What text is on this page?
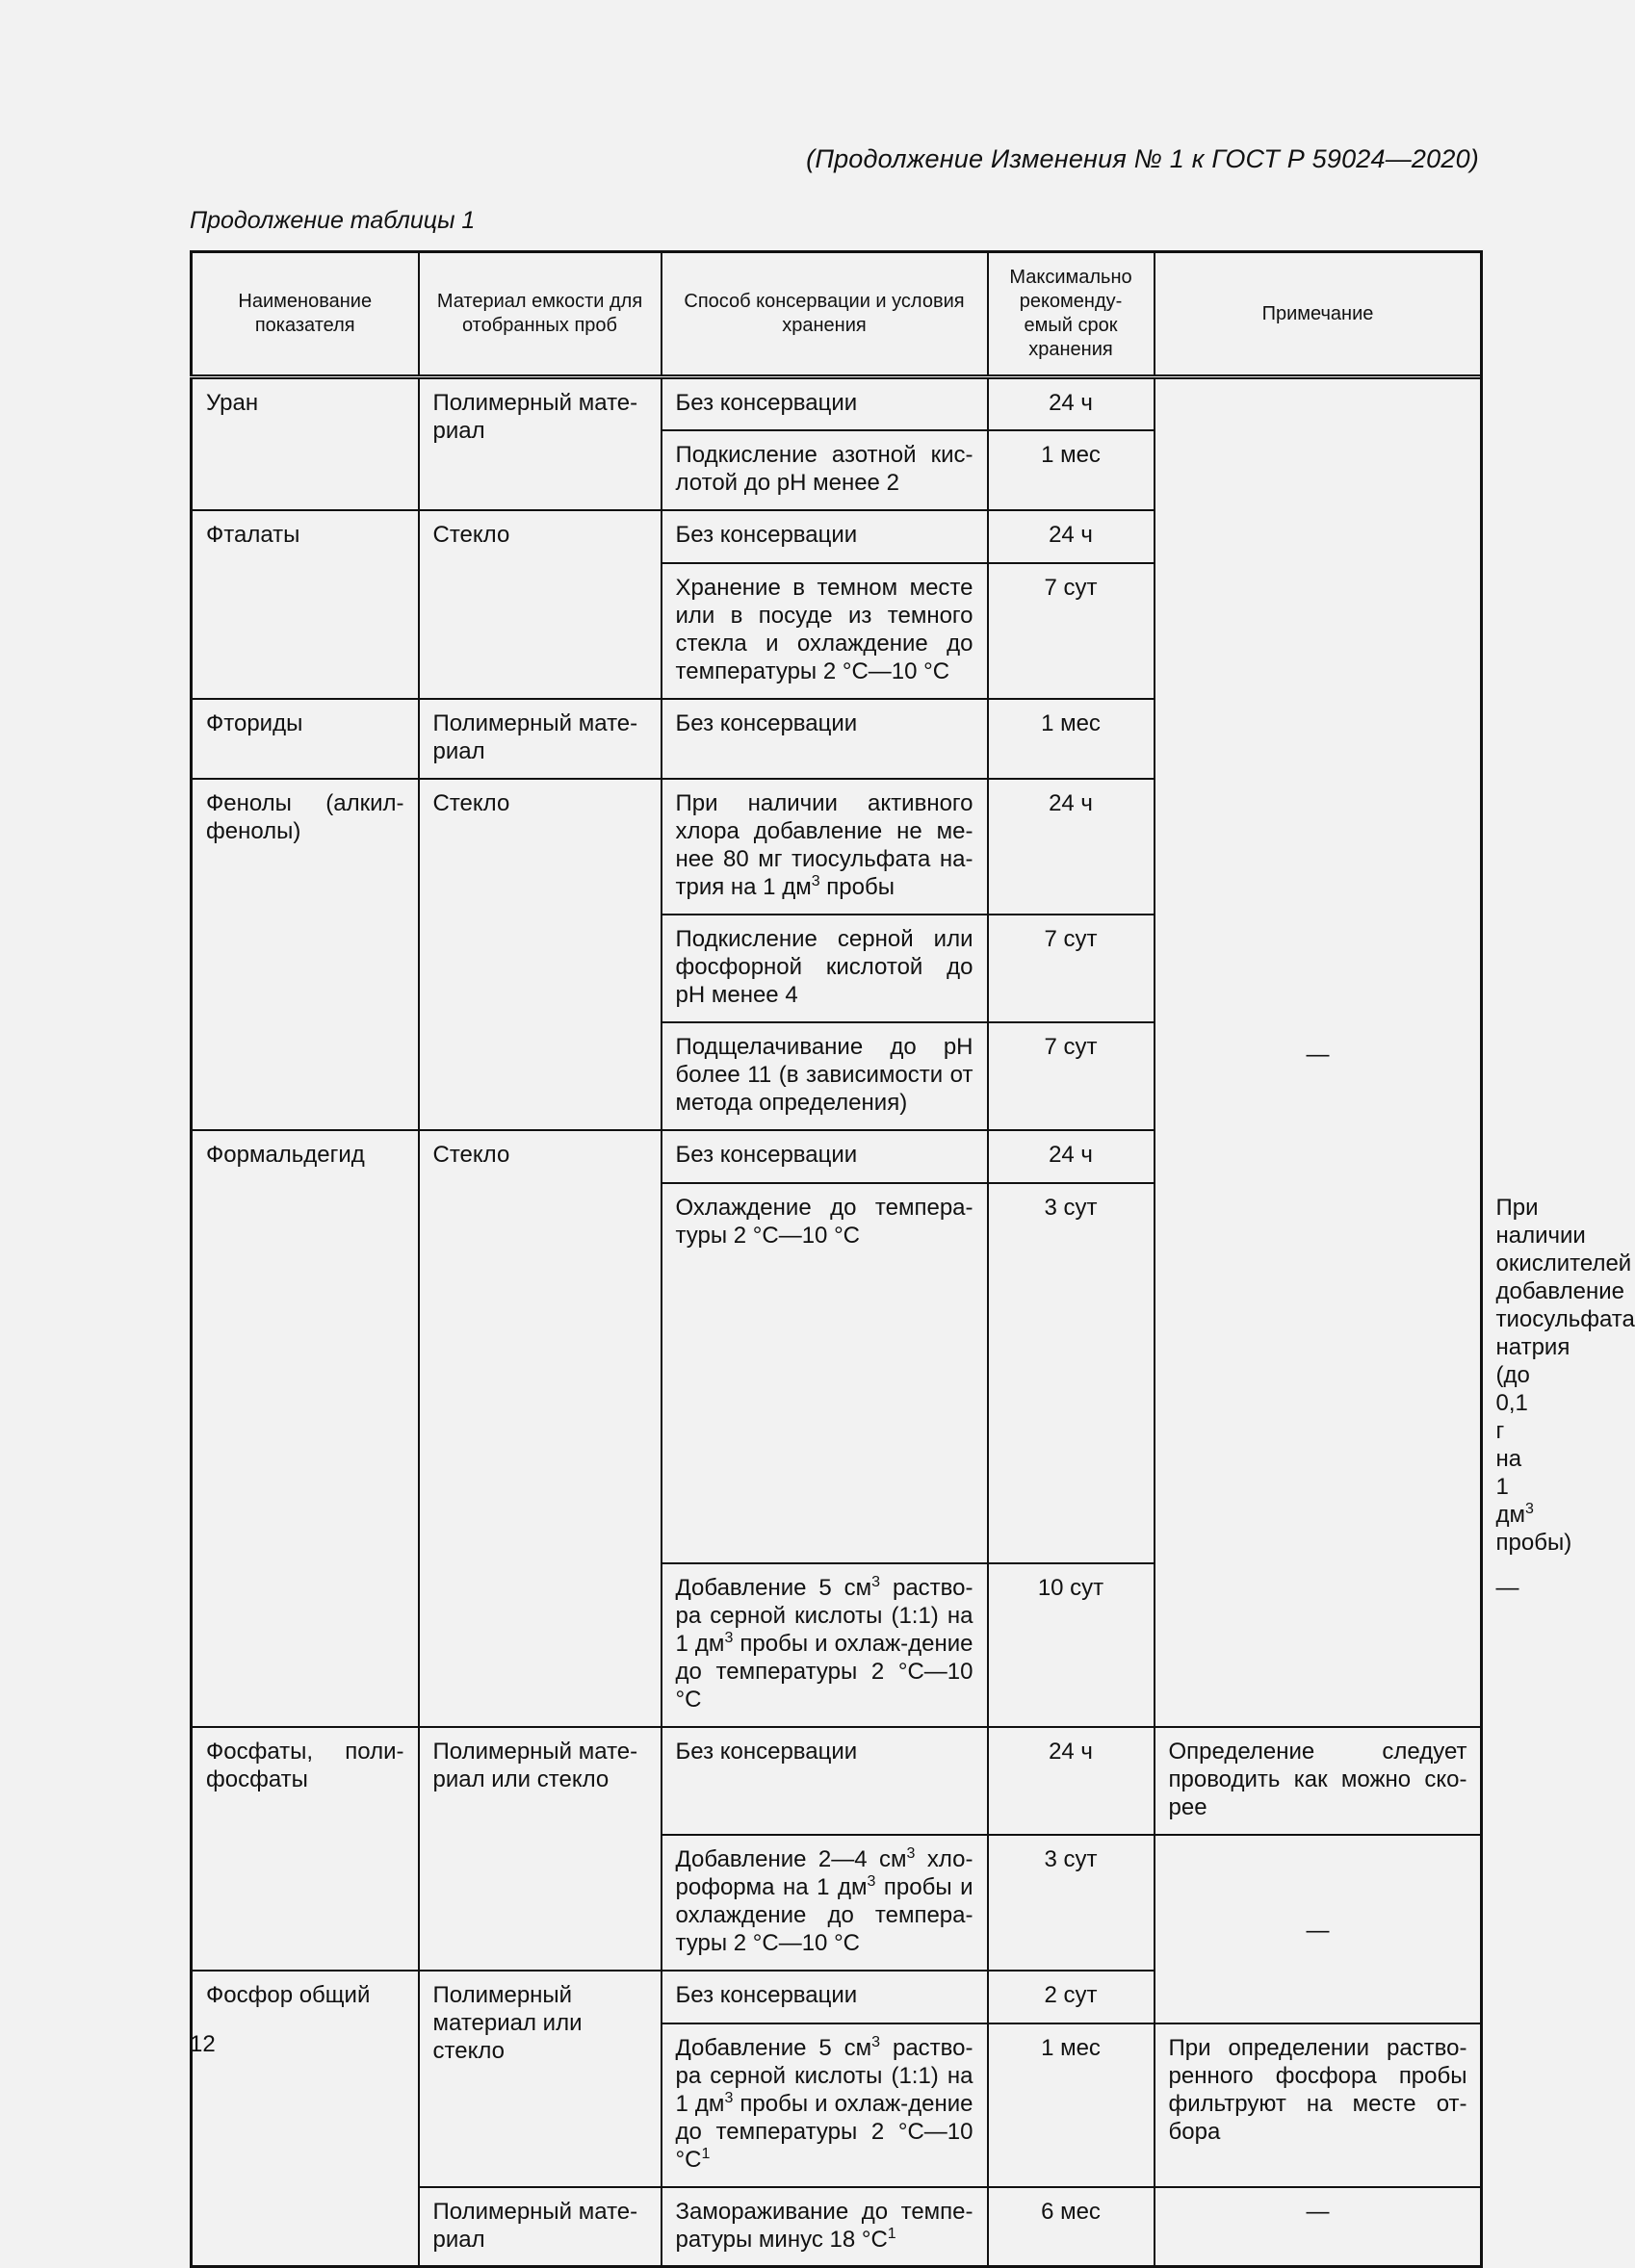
(Продолжение Изменения № 1 к ГОСТ Р 59024—2020)
Продолжение таблицы 1
Наименование показателя	Материал емкости для отобранных проб	Способ консервации и условия хранения	Максимально рекоменду-емый срок хранения	Примечание	
Уран	Полимерный мате-риал	Без консервации	24 ч	—	
		Подкисление азотной кис-лотой до pH менее 2	1 мес		
Фталаты	Стекло	Без консервации	24 ч		
		Хранение в темном месте или в посуде из темного стекла и охлаждение до температуры 2 °С—10 °С	7 сут		
Фториды	Полимерный мате-риал	Без консервации	1 мес		
Фенолы (алкил-фенолы)	Стекло	При наличии активного хлора добавление не ме-нее 80 мг тиосульфата на-трия на 1 $дм^3$ пробы	24 ч		
		Подкисление серной или фосфорной кислотой до pH менее 4	7 сут		
		Подщелачивание до pH более 11 (в зависимости от метода определения)	7 сут		
Формальдегид	Стекло	Без консервации	24 ч		
		Охлаждение до темпера-туры 2 °С—10 °С	3 сут		При наличии окислителей добавление тиосульфата натрия (до 0,1 г на 1 $дм^3$ пробы)
		Добавление 5 $см^3$ раство-ра серной кислоты (1:1) на 1 $дм^3$ пробы и охлаж-дение до температуры 2 °С—10 °С	10 сут		—
Фосфаты, поли-фосфаты	Полимерный мате-риал или стекло	Без консервации	24 ч	Определение следует проводить как можно ско-рее	
		Добавление 2—4 $см^3$ хло-роформа на 1 $дм^3$ пробы и охлаждение до темпера-туры 2 °С—10 °С	3 сут	—	
Фосфор общий	Полимерный материал или стекло	Без консервации	2 сут		
		Добавление 5 $см^3$ раство-ра серной кислоты (1:1) на 1 $дм^3$ пробы и охлаж-дение до температуры 2 °С—10 $^\circ С^1$	1 мес	При определении раство-ренного фосфора пробы фильтруют на месте от-бора	
	Полимерный мате-риал	Замораживание до темпе-ратуры минус 18 $^\circ С^1$	6 мес	—	
12
